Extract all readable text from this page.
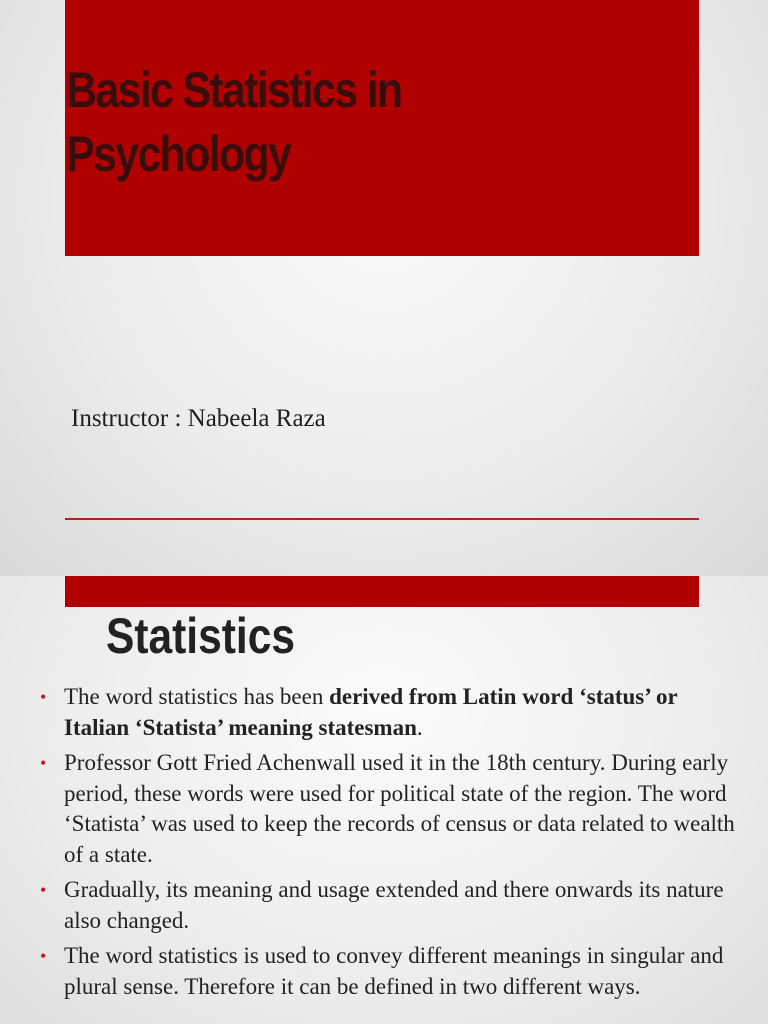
Basic Statistics in Psychology

Instructor : Nabeela Raza

Statistics
• The word statistics has been derived from Latin word ‘status’ or Italian ‘Statista’ meaning statesman.
• Professor Gott Fried Achenwall used it in the 18th century. During early period, these words were used for political state of the region. The word ‘Statista’ was used to keep the records of census or data related to wealth of a state.
• Gradually, its meaning and usage extended and there onwards its nature also changed.
• The word statistics is used to convey different meanings in singular and plural sense. Therefore it can be defined in two different ways.
